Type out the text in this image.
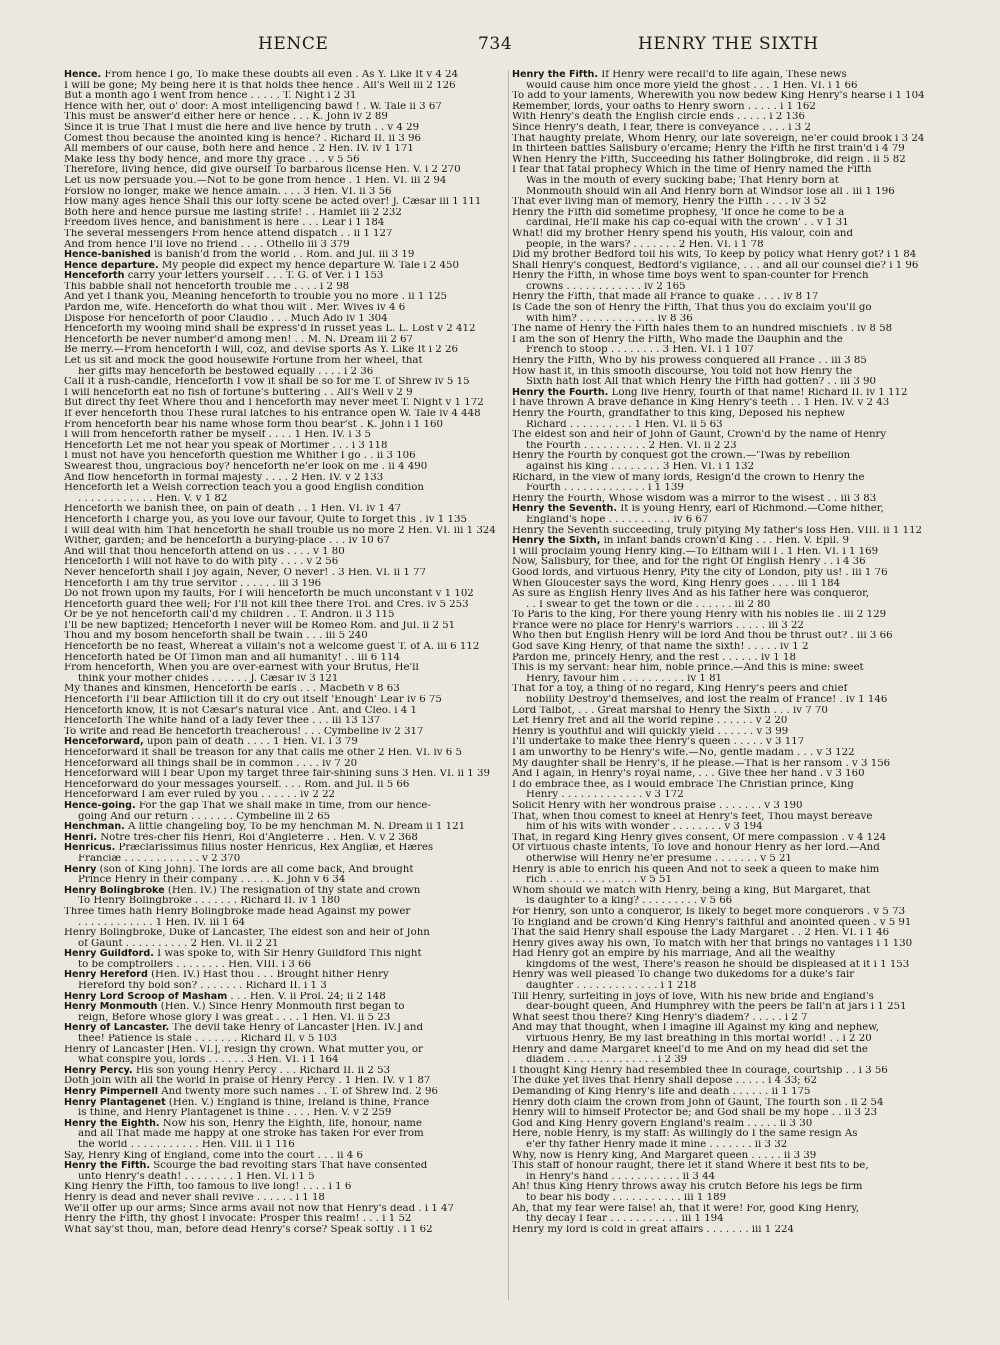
HENCE	734	HENRY THE SIXTH
Hence. From hence I go, To make these doubts all even . As Y. Like It v 4 24
I will be gone; My being here it is that holds thee hence . All's Well iii 2 126
But a month ago I went from hence . . . . . T. Night i 2 31
Hence with her, out o' door: A most intelligencing bawd ! . W. Tale ii 3 67
This must be answer'd either here or hence . . . K. John iv 2 89
Since it is true That I must die here and live hence by truth . . v 4 29
Comest thou because the anointed king is hence? . Richard II. ii 3 96
All members of our cause, both here and hence . 2 Hen. IV. iv 1 171
Make less thy body hence, and more thy grace . . . v 5 56
Therefore, living hence, did give ourself To barbarous license Hen. V. i 2 270
Let us now persuade you.—Not to be gone from hence . 1 Hen. VI. iii 2 94
Forslow no longer, make we hence amain. . . . 3 Hen. VI. ii 3 56
How many ages hence Shall this our lofty scene be acted over! J. Cæsar iii 1 111
Both here and hence pursue me lasting strife! . . Hamlet iii 2 232
Freedom lives hence, and banishment is here . . . Lear i 1 184
The several messengers From hence attend dispatch . . ii 1 127
And from hence I'll love no friend . . . . Othello iii 3 379
Hence-banished is banish'd from the world . . Rom. and Jul. iii 3 19
Hence departure. My people did expect my hence departure W. Tale i 2 450
Henceforth carry your letters yourself . . . T. G. of Ver. i 1 153
This babble shall not henceforth trouble me . . . . i 2 98
And yet I thank you, Meaning henceforth to trouble you no more . ii 1 125
Pardon me, wife. Henceforth do what thou wilt . Mer. Wives iv 4 6
Dispose For henceforth of poor Claudio . . . Much Ado iv 1 304
Henceforth my wooing mind shall be express'd In russet yeas L. L. Lost v 2 412
Henceforth be never number'd among men! . . M. N. Dream iii 2 67
Be merry.—From henceforth I will, coz, and devise sports As Y. Like It i 2 26
Let us sit and mock the good housewife Fortune from her wheel, that
her gifts may henceforth be bestowed equally . . . . i 2 36
Call it a rush-candle, Henceforth I vow it shall be so for me T. of Shrew iv 5 15
I will henceforth eat no fish of fortune's buttering . . All's Well v 2 9
But direct thy feet Where thou and I henceforth may never meet T. Night v 1 172
If ever henceforth thou These rural latches to his entrance open W. Tale iv 4 448
From henceforth bear his name whose form thou bear'st . K. John i 1 160
I will from henceforth rather be myself . . . . 1 Hen. IV. i 3 5
Henceforth Let me not hear you speak of Mortimer . . . i 3 118
I must not have you henceforth question me Whither I go . . ii 3 106
Swearest thou, ungracious boy? henceforth ne'er look on me . ii 4 490
And flow henceforth in formal majesty . . . . 2 Hen. IV. v 2 133
Henceforth let a Welsh correction teach you a good English condition
. . . . . . . . . . . . Hen. V. v 1 82
Henceforth we banish thee, on pain of death . . 1 Hen. VI. iv 1 47
Henceforth I charge you, as you love our favour, Quite to forget this . iv 1 135
I will deal with him That henceforth he shall trouble us no more 2 Hen. VI. iii 1 324
Wither, garden; and be henceforth a burying-place . . . iv 10 67
And will that thou henceforth attend on us . . . . v 1 80
Henceforth I will not have to do with pity . . . . v 2 56
Never henceforth shall I joy again, Never, O never! . 3 Hen. VI. ii 1 77
Henceforth I am thy true servitor . . . . . . iii 3 196
Do not frown upon my faults, For I will henceforth be much unconstant v 1 102
Henceforth guard thee well; For I'll not kill thee there Troi. and Cres. iv 5 253
Or be ye not henceforth call'd my children . . T. Andron. ii 3 115
I'll be new baptized; Henceforth I never will be Romeo Rom. and Jul. ii 2 51
Thou and my bosom henceforth shall be twain . . . iii 5 240
Henceforth be no feast, Whereat a villain's not a welcome guest T. of A. iii 6 112
Henceforth hated be Of Timon man and all humanity! . . iii 6 114
From henceforth, When you are over-earnest with your Brutus, He'll
think your mother chides . . . . . . J. Cæsar iv 3 121
My thanes and kinsmen, Henceforth be earls . . . Macbeth v 8 63
Henceforth I'll bear Affliction till it do cry out itself 'Enough' Lear iv 6 75
Henceforth know, It is not Cæsar's natural vice . Ant. and Cleo. i 4 1
Henceforth The white hand of a lady fever thee . . . iii 13 137
To write and read Be henceforth treacherous! . . . Cymbeline iv 2 317
Henceforward, upon pain of death . . . . 1 Hen. VI. i 3 79
Henceforward it shall be treason for any that calls me other 2 Hen. VI. iv 6 5
Henceforward all things shall be in common . . . . iv 7 20
Henceforward will I bear Upon my target three fair-shining suns 3 Hen. VI. ii 1 39
Henceforward do your messages yourself. . . . Rom. and Jul. ii 5 66
Henceforward I am ever ruled by you . . . . . . iv 2 22
Hence-going. For the gap That we shall make in time, from our hence-
going And our return . . . . . . . Cymbeline iii 2 65
Henchman. A little changeling boy, To be my henchman M. N. Dream ii 1 121
Henri. Notre très-cher fils Henri, Roi d'Angleterre . . Hen. V. v 2 368
Henricus. Præclarissimus filius noster Henricus, Rex Angliæ, et Hæres
Franciæ . . . . . . . . . . . . v 2 370
Henry (son of King John). The lords are all come back, And brought
Prince Henry in their company . . . . . K. John v 6 34
Henry Bolingbroke (Hen. IV.) The resignation of thy state and crown
To Henry Bolingbroke . . . . . . . Richard II. iv 1 180
Three times hath Henry Bolingbroke made head Against my power
. . . . . . . . . . . . 1 Hen. IV. iii 1 64
Henry Bolingbroke, Duke of Lancaster, The eldest son and heir of John
of Gaunt . . . . . . . . . . 2 Hen. VI. ii 2 21
Henry Guildford. I was spoke to, with Sir Henry Guildford This night
to be comptrollers . . . . . . . . Hen. VIII. i 3 66
Henry Hereford (Hen. IV.) Hast thou . . . Brought hither Henry
Hereford thy bold son? . . . . . . . Richard II. i 1 3
Henry Lord Scroop of Masham . . . Hen. V. ii Prol. 24; ii 2 148
Henry Monmouth (Hen. V.) Since Henry Monmouth first began to
reign, Before whose glory I was great . . . . 1 Hen. VI. ii 5 23
Henry of Lancaster. The devil take Henry of Lancaster [Hen. IV.] and
thee! Patience is stale . . . . . . . Richard II. v 5 103
Henry of Lancaster [Hen. VI.], resign thy crown. What mutter you, or
what conspire you, lords . . . . . . 3 Hen. VI. i 1 164
Henry Percy. His son young Henry Percy . . . Richard II. ii 2 53
Doth join with all the world In praise of Henry Percy . 1 Hen. IV. v 1 87
Henry Pimpernell And twenty more such names . . T. of Shrew Ind. 2 96
Henry Plantagenet (Hen. V.) England is thine, Ireland is thine, France
is thine, and Henry Plantagenet is thine . . . . Hen. V. v 2 259
Henry the Eighth. Now his son, Henry the Eighth, life, honour, name
and all That made me happy at one stroke has taken For ever from
the world . . . . . . . . . . . Hen. VIII. ii 1 116
Say, Henry King of England, come into the court . . . ii 4 6
Henry the Fifth. Scourge the bad revolting stars That have consented
unto Henry's death! . . . . . . . . 1 Hen. VI. i 1 5
King Henry the Fifth, too famous to live long! . . . . i 1 6
Henry is dead and never shall revive . . . . . . i 1 18
We'll offer up our arms; Since arms avail not now that Henry's dead . i 1 47
Henry the Fifth, thy ghost I invocate: Prosper this realm! . . . i 1 52
What say'st thou, man, before dead Henry's corse? Speak softly . i 1 62
Henry the Fifth. If Henry were recall'd to life again, These news
would cause him once more yield the ghost . . . 1 Hen. VI. i 1 66
To add to your laments, Wherewith you now bedew King Henry's hearse i 1 104
Remember, lords, your oaths to Henry sworn . . . . . i 1 162
With Henry's death the English circle ends . . . . . i 2 136
Since Henry's death, I fear, there is conveyance . . . . i 3 2
That haughty prelate, Whom Henry, our late sovereign, ne'er could brook i 3 24
In thirteen battles Salisbury o'ercame; Henry the Fifth he first train'd i 4 79
When Henry the Fifth, Succeeding his father Bolingbroke, did reign . ii 5 82
I fear that fatal prophecy Which in the time of Henry named the Fifth
Was in the mouth of every sucking babe; That Henry born at
Monmouth should win all And Henry born at Windsor lose all . iii 1 196
That ever living man of memory, Henry the Fifth . . . . iv 3 52
Henry the Fifth did sometime prophesy, 'If once he come to be a
cardinal, He'll make his cap co-equal with the crown' . . v 1 31
What! did my brother Henry spend his youth, His valour, coin and
people, in the wars? . . . . . . . 2 Hen. VI. i 1 78
Did my brother Bedford toil his wits, To keep by policy what Henry got? i 1 84
Shall Henry's conquest, Bedford's vigilance, . . . and all our counsel die? i 1 96
Henry the Fifth, in whose time boys went to span-counter for French
crowns . . . . . . . . . . . . iv 2 165
Henry the Fifth, that made all France to quake . . . . iv 8 17
Is Cade the son of Henry the Fifth, That thus you do exclaim you'll go
with him? . . . . . . . . . . . . iv 8 36
The name of Henry the Fifth hales them to an hundred mischiefs . iv 8 58
I am the son of Henry the Fifth, Who made the Dauphin and the
French to stoop . . . . . . . . 3 Hen. VI. i 1 107
Henry the Fifth, Who by his prowess conquered all France . . iii 3 85
How hast it, in this smooth discourse, You told not how Henry the
Sixth hath lost All that which Henry the Fifth had gotten? . . iii 3 90
Henry the Fourth. Long live Henry, fourth of that name! Richard II. iv 1 112
I have thrown A brave defiance in King Henry's teeth . . 1 Hen. IV. v 2 43
Henry the Fourth, grandfather to this king, Deposed his nephew
Richard . . . . . . . . . . 1 Hen. VI. ii 5 63
The eldest son and heir of John of Gaunt, Crown'd by the name of Henry
the Fourth . . . . . . . . . . 2 Hen. VI. ii 2 23
Henry the Fourth by conquest got the crown.—'Twas by rebellion
against his king . . . . . . . . 3 Hen. VI. i 1 132
Richard, in the view of many lords, Resign'd the crown to Henry the
Fourth . . . . . . . . . . . . . i 1 139
Henry the Fourth, Whose wisdom was a mirror to the wisest . . iii 3 83
Henry the Seventh. It is young Henry, earl of Richmond.—Come hither,
England's hope . . . . . . . . . . iv 6 67
Henry the Seventh succeeding, truly pitying My father's loss Hen. VIII. ii 1 112
Henry the Sixth, in infant bands crown'd King . . . Hen. V. Epil. 9
I will proclaim young Henry king.—To Eltham will I . 1 Hen. VI. i 1 169
Now, Salisbury, for thee, and for the right Of English Henry . . i 4 36
Good lords, and virtuous Henry, Pity the city of London, pity us! . iii 1 76
When Gloucester says the word, King Henry goes . . . . iii 1 184
As sure as English Henry lives And as his father here was conqueror,
. . I swear to get the town or die . . . . . . iii 2 80
To Paris to the king, For there young Henry with his nobles lie . iii 2 129
France were no place for Henry's warriors . . . . . iii 3 22
Who then but English Henry will be lord And thou be thrust out? . iii 3 66
God save King Henry, of that name the sixth! . . . . . iv 1 2
Pardon me, princely Henry, and the rest . . . . . . iv 1 18
This is my servant: hear him, noble prince.—And this is mine: sweet
Henry, favour him . . . . . . . . . . iv 1 81
That for a toy, a thing of no regard, King Henry's peers and chief
nobility Destroy'd themselves, and lost the realm of France! . iv 1 146
Lord Talbot, . . . Great marshal to Henry the Sixth . . . iv 7 70
Let Henry fret and all the world repine . . . . . . v 2 20
Henry is youthful and will quickly yield . . . . . . v 3 99
I'll undertake to make thee Henry's queen . . . . . v 3 117
I am unworthy to be Henry's wife.—No, gentle madam . . . v 3 122
My daughter shall be Henry's, if he please.—That is her ransom . v 3 156
And I again, in Henry's royal name, . . . Give thee her hand . v 3 160
I do embrace thee, as I would embrace The Christian prince, King
Henry . . . . . . . . . . . . . v 3 172
Solicit Henry with her wondrous praise . . . . . . . v 3 190
That, when thou comest to kneel at Henry's feet, Thou mayst bereave
him of his wits with wonder . . . . . . . . v 3 194
That, in regard King Henry gives consent, Of mere compassion . v 4 124
Of virtuous chaste intents, To love and honour Henry as her lord.—And
otherwise will Henry ne'er presume . . . . . . . v 5 21
Henry is able to enrich his queen And not to seek a queen to make him
rich . . . . . . . . . . . . . . v 5 51
Whom should we match with Henry, being a king, But Margaret, that
is daughter to a king? . . . . . . . . . v 5 66
For Henry, son unto a conqueror, Is likely to beget more conquerors . v 5 73
To England and be crown'd King Henry's faithful and anointed queen . v 5 91
That the said Henry shall espouse the Lady Margaret . . 2 Hen. VI. i 1 46
Henry gives away his own, To match with her that brings no vantages i 1 130
Had Henry got an empire by his marriage, And all the wealthy
kingdoms of the west, There's reason he should be displeased at it i 1 153
Henry was well pleased To change two dukedoms for a duke's fair
daughter . . . . . . . . . . . . . i 1 218
Till Henry, surfeiting in joys of love, With his new bride and England's
dear-bought queen, And Humphrey with the peers be fall'n at jars i 1 251
What seest thou there? King Henry's diadem? . . . . . i 2 7
And may that thought, when I imagine ill Against my king and nephew,
virtuous Henry, Be my last breathing in this mortal world! . . i 2 20
Henry and dame Margaret kneel'd to me And on my head did set the
diadem . . . . . . . . . . . . . . i 2 39
I thought King Henry had resembled thee In courage, courtship . . i 3 56
The duke yet lives that Henry shall depose . . . . . i 4 33; 62
Demanding of King Henry's life and death . . . . . . ii 1 175
Henry doth claim the crown from John of Gaunt, The fourth son . ii 2 54
Henry will to himself Protector be; and God shall be my hope . . ii 3 23
God and King Henry govern England's realm . . . . . ii 3 30
Here, noble Henry, is my staff: As willingly do I the same resign As
e'er thy father Henry made it mine . . . . . . . ii 3 32
Why, now is Henry king, And Margaret queen . . . . . ii 3 39
This staff of honour raught, there let it stand Where it best fits to be,
in Henry's hand . . . . . . . . . . . ii 3 44
Ah! thus King Henry throws away his crutch Before his legs be firm
to bear his body . . . . . . . . . . . iii 1 189
Ah, that my fear were false! ah, that it were! For, good King Henry,
thy decay I fear . . . . . . . . . . . iii 1 194
Henry my lord is cold in great affairs . . . . . . . iii 1 224
